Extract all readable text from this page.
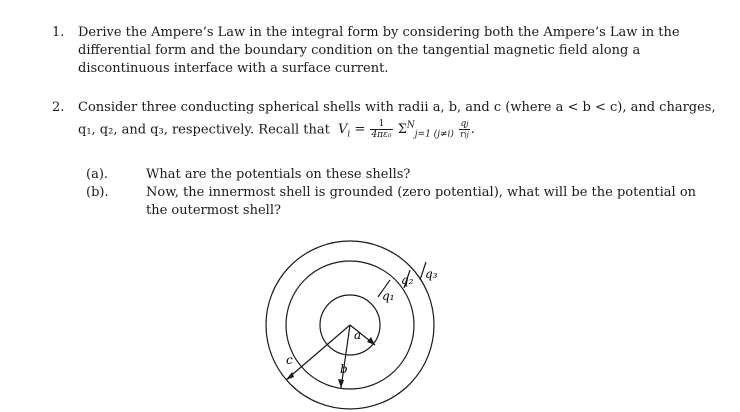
1. Derive the Ampere’s Law in the integral form by considering both the Ampere’s Law in the
differential form and the boundary condition on the tangential magnetic field along a
discontinuous interface with a surface current.
2. Consider three conducting spherical shells with radii a, b, and c (where a < b < c), and charges,
q₁, q₂, and q₃, respectively. Recall that $V_i = \frac{1}{\text{4πε₀}} \Sigma^N_{j=1 (j\ne i)} \frac{qj}{\text{rij}}$ .
(a).	What are the potentials on these shells?
(b).	Now, the innermost shell is grounded (zero potential), what will be the potential on
the outermost shell?
q₁
q₂ q₃
a
b
c
